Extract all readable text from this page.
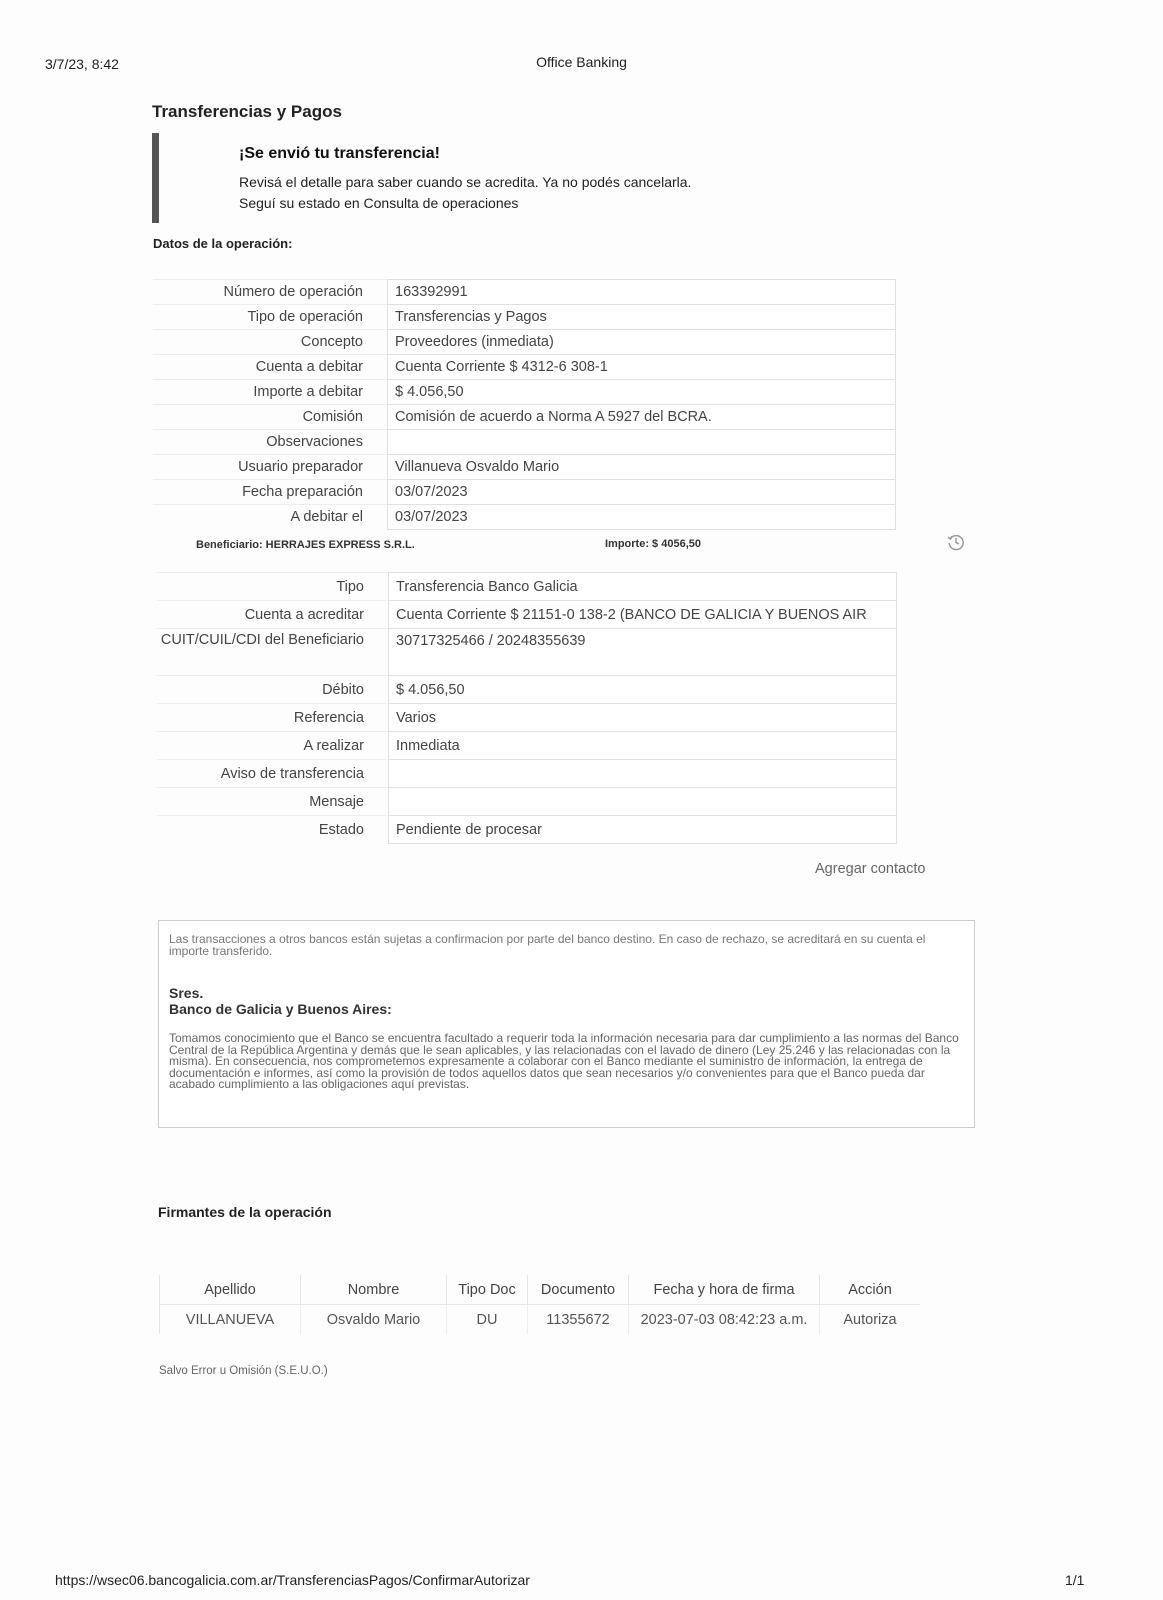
3/7/23, 8:42	Office Banking
Transferencias y Pagos
¡Se envió tu transferencia!
Revisá el detalle para saber cuando se acredita. Ya no podés cancelarla.
Seguí su estado en Consulta de operaciones
Datos de la operación:
Número de operación	163392991
Tipo de operación	Transferencias y Pagos
Concepto	Proveedores (inmediata)
Cuenta a debitar	Cuenta Corriente $ 4312-6 308-1
Importe a debitar	$ 4.056,50
Comisión	Comisión de acuerdo a Norma A 5927 del BCRA.
Observaciones	
Usuario preparador	Villanueva Osvaldo Mario
Fecha preparación	03/07/2023
A debitar el	03/07/2023
Beneficiario: HERRAJES EXPRESS S.R.L.	Importe: $ 4056,50
Tipo	Transferencia Banco Galicia
Cuenta a acreditar	Cuenta Corriente $ 21151-0 138-2 (BANCO DE GALICIA Y BUENOS AIR
CUIT/CUIL/CDI del Beneficiario	30717325466 / 20248355639
Débito	$ 4.056,50
Referencia	Varios
A realizar	Inmediata
Aviso de transferencia	
Mensaje	
Estado	Pendiente de procesar
Agregar contacto
Las transacciones a otros bancos están sujetas a confirmacion por parte del banco destino. En caso de rechazo, se acreditará en su cuenta el importe transferido.
Sres.
Banco de Galicia y Buenos Aires:
Tomamos conocimiento que el Banco se encuentra facultado a requerir toda la información necesaria para dar cumplimiento a las normas del Banco Central de la República Argentina y demás que le sean aplicables, y las relacionadas con el lavado de dinero (Ley 25.246 y las relacionadas con la misma). En consecuencia, nos comprometemos expresamente a colaborar con el Banco mediante el suministro de información, la entrega de documentación e informes, así como la provisión de todos aquellos datos que sean necesarios y/o convenientes para que el Banco pueda dar acabado cumplimiento a las obligaciones aquí previstas.
Firmantes de la operación
Apellido	Nombre	Tipo Doc	Documento	Fecha y hora de firma	Acción
VILLANUEVA	Osvaldo Mario	DU	11355672	2023-07-03 08:42:23 a.m.	Autoriza
Salvo Error u Omisión (S.E.U.O.)
https://wsec06.bancogalicia.com.ar/TransferenciasPagos/ConfirmarAutorizar	1/1
